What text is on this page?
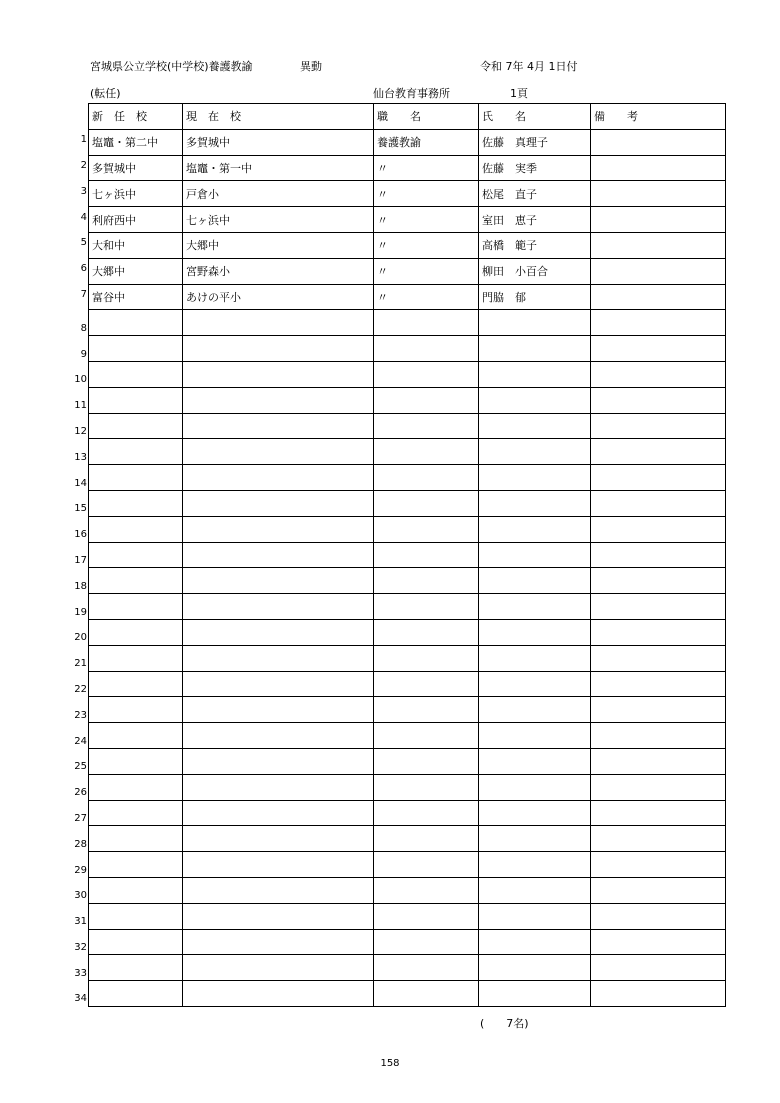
宮城県公立学校(中学校)養護教諭	異動	令和 7年 4月 1日付
(転任)	仙台教育事務所	1頁
新　任　校	現　在　校	職　　名	氏　　名	備　　考

1 塩竈・第二中	多賀城中	養護教諭	佐藤　真理子	

2 多賀城中	塩竈・第一中	〃	佐藤　実季	

3 七ヶ浜中	戸倉小	〃	松尾　直子	

4 利府西中	七ヶ浜中	〃	室田　恵子	

5 大和中	大郷中	〃	高橋　範子	

6 大郷中	宮野森小	〃	柳田　小百合	

7 富谷中	あけの平小	〃	門脇　郁	

8				

9				

10				

11				

12				

13				

14				

15				

16				

17				

18				

19				

20				

21				

22				

23				

24				

25				

26				

27				

28				

29				

30				

31				

32				

33				

34				

(　　7名)
158
